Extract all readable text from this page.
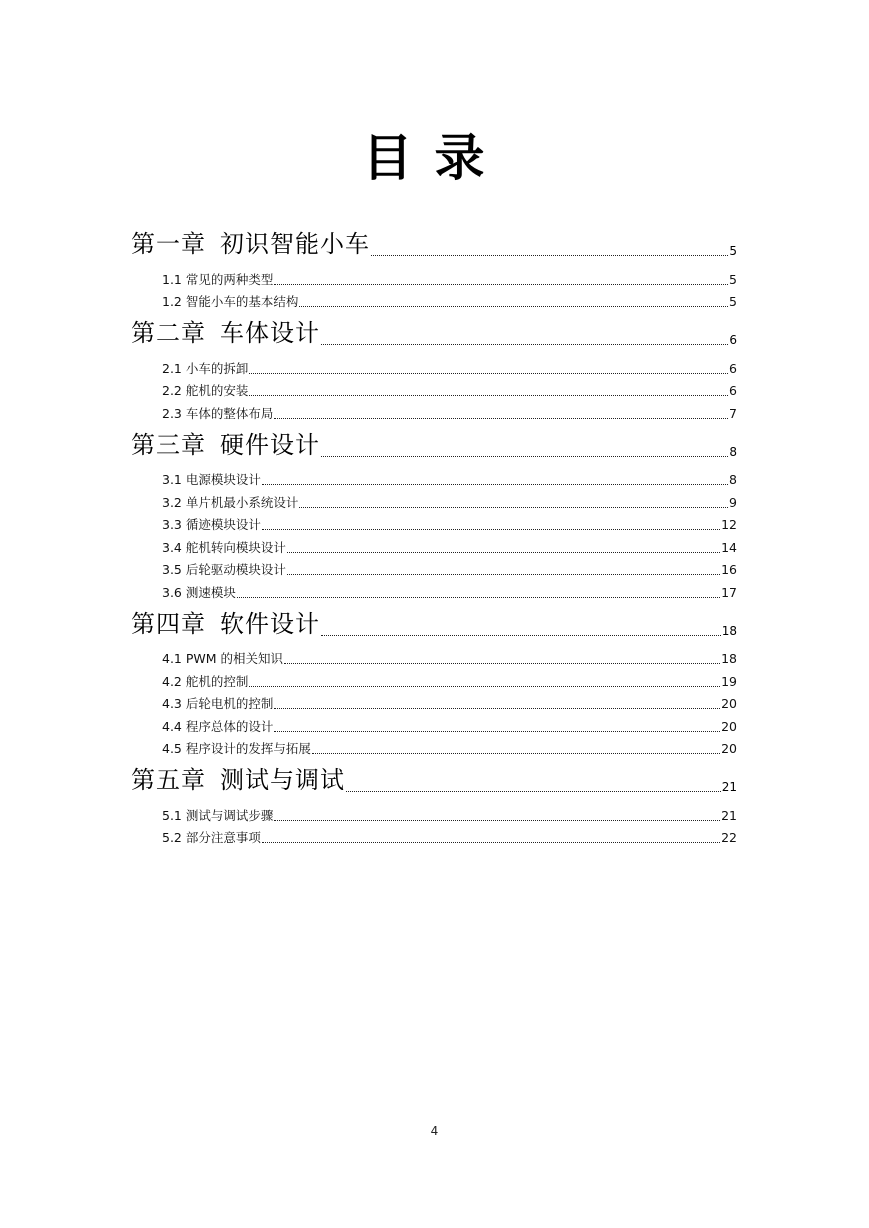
目录
第一章 初识智能小车	5
1.1 常见的两种类型	5
1.2 智能小车的基本结构	5
第二章 车体设计	6
2.1 小车的拆卸	6
2.2 舵机的安装	6
2.3 车体的整体布局	7
第三章 硬件设计	8
3.1 电源模块设计	8
3.2 单片机最小系统设计	9
3.3 循迹模块设计	12
3.4 舵机转向模块设计	14
3.5 后轮驱动模块设计	16
3.6 测速模块	17
第四章 软件设计	18
4.1 PWM 的相关知识	18
4.2 舵机的控制	19
4.3 后轮电机的控制	20
4.4 程序总体的设计	20
4.5 程序设计的发挥与拓展	20
第五章 测试与调试	21
5.1 测试与调试步骤	21
5.2 部分注意事项	22
4
